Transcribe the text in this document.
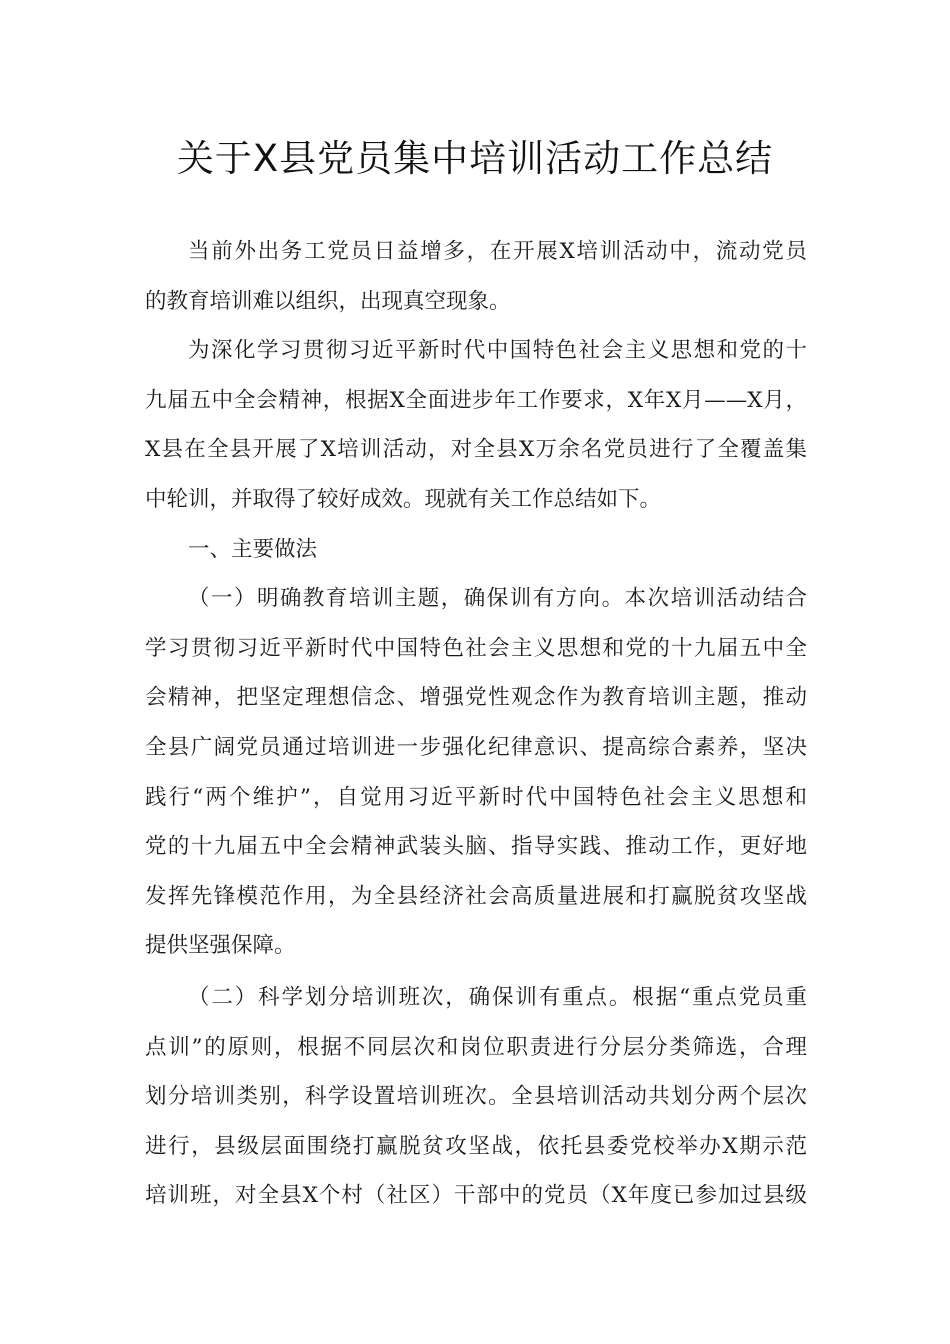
关于X县党员集中培训活动工作总结
当前外出务工党员日益增多，在开展X培训活动中，流动党员
的教育培训难以组织，出现真空现象。
为深化学习贯彻习近平新时代中国特色社会主义思想和党的十
九届五中全会精神，根据X全面进步年工作要求，X年X月——X月，
X县在全县开展了X培训活动，对全县X万余名党员进行了全覆盖集
中轮训，并取得了较好成效。现就有关工作总结如下。
一、主要做法
（一）明确教育培训主题，确保训有方向。本次培训活动结合
学习贯彻习近平新时代中国特色社会主义思想和党的十九届五中全
会精神，把坚定理想信念、增强党性观念作为教育培训主题，推动
全县广阔党员通过培训进一步强化纪律意识、提高综合素养，坚决
践行“两个维护”，自觉用习近平新时代中国特色社会主义思想和
党的十九届五中全会精神武装头脑、指导实践、推动工作，更好地
发挥先锋模范作用，为全县经济社会高质量进展和打赢脱贫攻坚战
提供坚强保障。
（二）科学划分培训班次，确保训有重点。根据“重点党员重
点训”的原则，根据不同层次和岗位职责进行分层分类筛选，合理
划分培训类别，科学设置培训班次。全县培训活动共划分两个层次
进行，县级层面围绕打赢脱贫攻坚战，依托县委党校举办X期示范
培训班，对全县X个村（社区）干部中的党员（X年度已参加过县级
